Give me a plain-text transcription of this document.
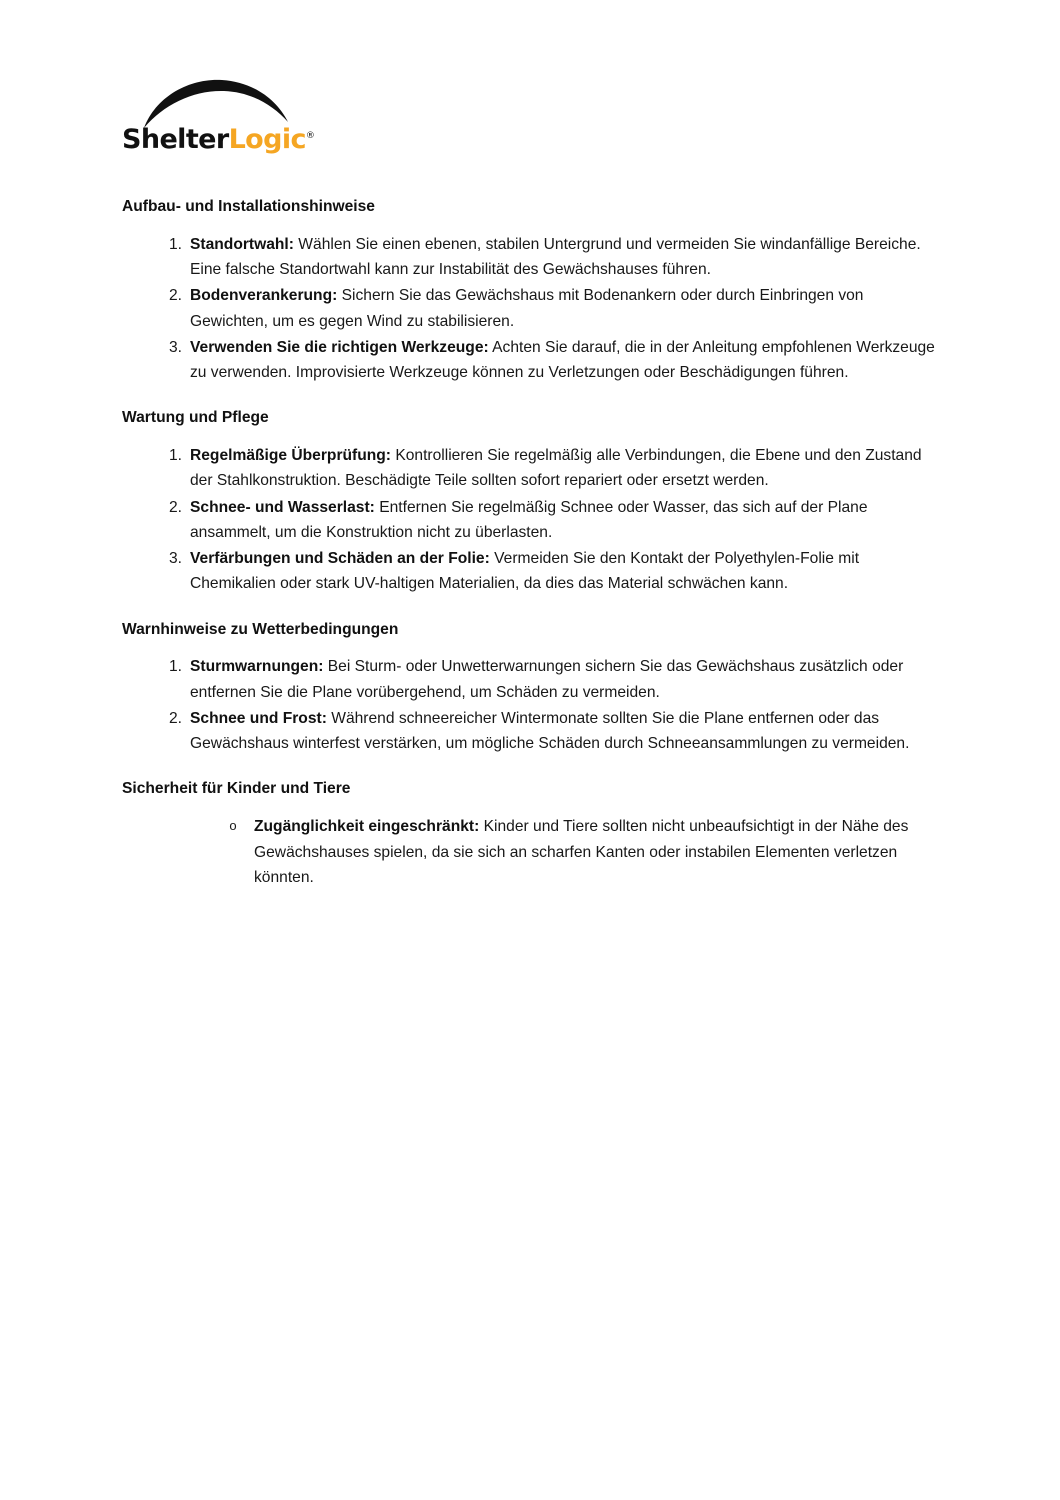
ShelterLogic®
Aufbau- und Installationshinweise
1. Standortwahl: Wählen Sie einen ebenen, stabilen Untergrund und vermeiden Sie windanfällige Bereiche. Eine falsche Standortwahl kann zur Instabilität des Gewächshauses führen.
2. Bodenverankerung: Sichern Sie das Gewächshaus mit Bodenankern oder durch Einbringen von Gewichten, um es gegen Wind zu stabilisieren.
3. Verwenden Sie die richtigen Werkzeuge: Achten Sie darauf, die in der Anleitung empfohlenen Werkzeuge zu verwenden. Improvisierte Werkzeuge können zu Verletzungen oder Beschädigungen führen.
Wartung und Pflege
1. Regelmäßige Überprüfung: Kontrollieren Sie regelmäßig alle Verbindungen, die Ebene und den Zustand der Stahlkonstruktion. Beschädigte Teile sollten sofort repariert oder ersetzt werden.
2. Schnee- und Wasserlast: Entfernen Sie regelmäßig Schnee oder Wasser, das sich auf der Plane ansammelt, um die Konstruktion nicht zu überlasten.
3. Verfärbungen und Schäden an der Folie: Vermeiden Sie den Kontakt der Polyethylen-Folie mit Chemikalien oder stark UV-haltigen Materialien, da dies das Material schwächen kann.
Warnhinweise zu Wetterbedingungen
1. Sturmwarnungen: Bei Sturm- oder Unwetterwarnungen sichern Sie das Gewächshaus zusätzlich oder entfernen Sie die Plane vorübergehend, um Schäden zu vermeiden.
2. Schnee und Frost: Während schneereicher Wintermonate sollten Sie die Plane entfernen oder das Gewächshaus winterfest verstärken, um mögliche Schäden durch Schneeansammlungen zu vermeiden.
Sicherheit für Kinder und Tiere
o	Zugänglichkeit eingeschränkt: Kinder und Tiere sollten nicht unbeaufsichtigt in der Nähe des Gewächshauses spielen, da sie sich an scharfen Kanten oder instabilen Elementen verletzen könnten.
